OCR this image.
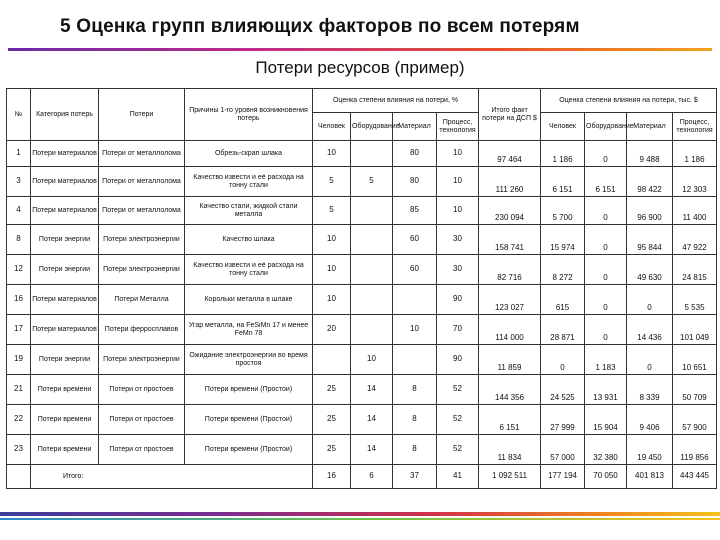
5 Оценка групп влияющих факторов по всем потерям
Потери ресурсов (пример)
№	Категория потерь	Потери	Причины 1-го уровня возникновения потерь	Оценка степени влияния на потери, %				Итого факт потери на ДСП $	Оценка степени влияния на потери, тыс. $			
				Человек	Оборудование	Материал	Процесс, технология		Человек	Оборудование	Материал	Процесс, технология
1	Потери материалов	Потери от металлолома	Обрезь-скрап шлака	10		80	10	97 464	1 186	0	9 488	1 186
3	Потери материалов	Потери от металлолома	Качество извести и её расхода на тонну стали	5	5	80	10	111 260	6 151	6 151	98 422	12 303
4	Потери материалов	Потери от металлолома	Качество стали, жидкой стали металла	5		85	10	230 094	5 700	0	96 900	11 400
8	Потери энергии	Потери электроэнергии	Качество шлака	10		60	30	158 741	15 974	0	95 844	47 922
12	Потери энергии	Потери электроэнергии	Качество извести и её расхода на тонну стали	10		60	30	82 716	8 272	0	49 630	24 815
16	Потери материалов	Потери Металла	Корольки металла в шлаке	10			90	123 027	615	0	0	5 535
17	Потери материалов	Потери ферросплавов	Угар металла, на FeSiMn 17 и менее FeMn 78	20		10	70	114 000	28 871	0	14 436	101 049
19	Потери энергии	Потери электроэнергии	Ожидание электроэнергии во время простоя		10		90	11 859	0	1 183	0	10 651
21	Потери времени	Потери от простоев	Потери времени (Простои)	25	14	8	52	144 356	24 525	13 931	8 339	50 709
22	Потери времени	Потери от простоев	Потери времени (Простои)	25	14	8	52	6 151	27 999	15 904	9 406	57 900
23	Потери времени	Потери от простоев	Потери времени (Простои)	25	14	8	52	11 834	57 000	32 380	19 450	119 856
	Итого:			16	6	37	41	1 092 511	177 194	70 050	401 813	443 445
